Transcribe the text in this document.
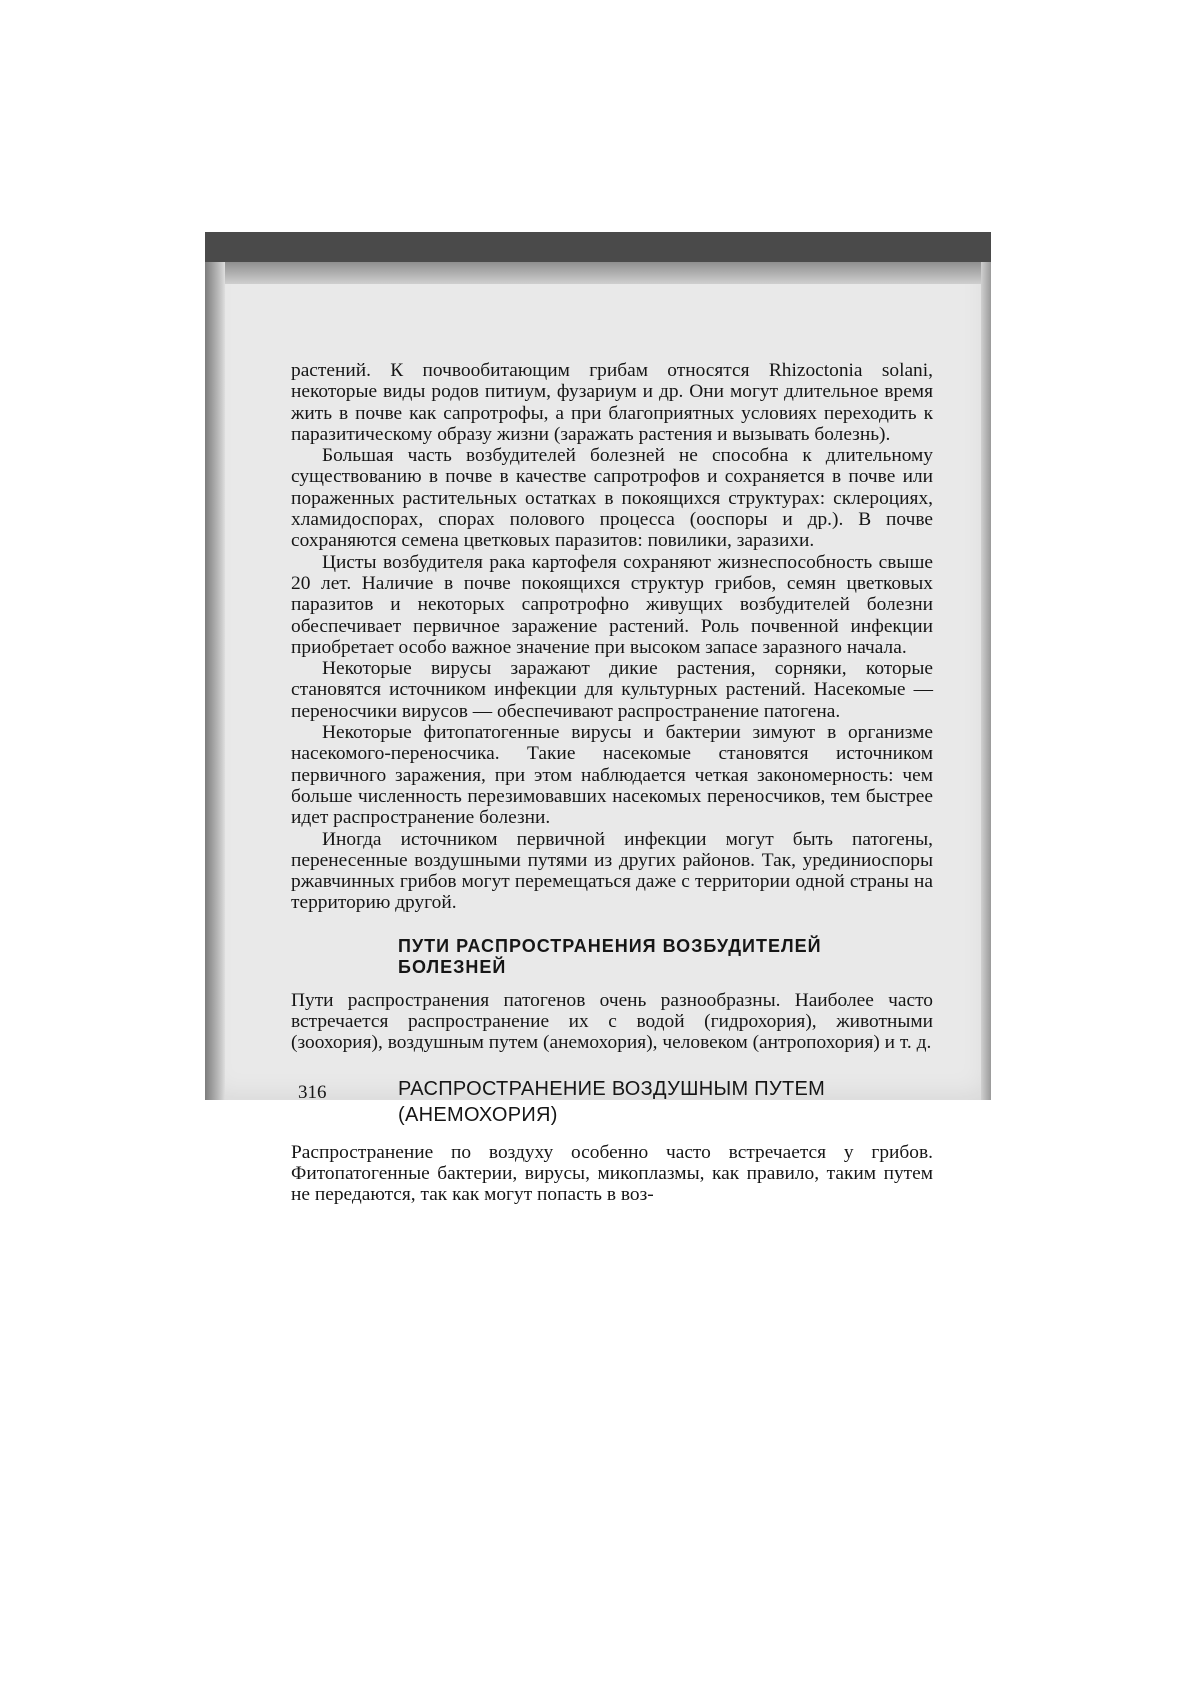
растений. К почвообитающим грибам относятся Rhizoctonia solani, некоторые виды родов питиум, фузариум и др. Они могут длительное время жить в почве как сапротрофы, а при благоприятных условиях переходить к паразитическому образу жизни (заражать растения и вызывать болезнь).

Большая часть возбудителей болезней не способна к длительному существованию в почве в качестве сапротрофов и сохраняется в почве или пораженных растительных остатках в покоящихся структурах: склероциях, хламидоспорах, спорах полового процесса (ооспоры и др.). В почве сохраняются семена цветковых паразитов: повилики, заразихи.

Цисты возбудителя рака картофеля сохраняют жизнеспособность свыше 20 лет. Наличие в почве покоящихся структур грибов, семян цветковых паразитов и некоторых сапротрофно живущих возбудителей болезни обеспечивает первичное заражение растений. Роль почвенной инфекции приобретает особо важное значение при высоком запасе заразного начала.

Некоторые вирусы заражают дикие растения, сорняки, которые становятся источником инфекции для культурных растений. Насекомые — переносчики вирусов — обеспечивают распространение патогена.

Некоторые фитопатогенные вирусы и бактерии зимуют в организме насекомого-переносчика. Такие насекомые становятся источником первичного заражения, при этом наблюдается четкая закономерность: чем больше численность перезимовавших насекомых переносчиков, тем быстрее идет распространение болезни.

Иногда источником первичной инфекции могут быть патогены, перенесенные воздушными путями из других районов. Так, урединиоспоры ржавчинных грибов могут перемещаться даже с территории одной страны на территорию другой.

ПУТИ РАСПРОСТРАНЕНИЯ ВОЗБУДИТЕЛЕЙ
БОЛЕЗНЕЙ

Пути распространения патогенов очень разнообразны. Наиболее часто встречается распространение их с водой (гидрохория), животными (зоохория), воздушным путем (анемохория), человеком (антропохория) и т. д.

РАСПРОСТРАНЕНИЕ ВОЗДУШНЫМ ПУТЕМ
(АНЕМОХОРИЯ)

Распространение по воздуху особенно часто встречается у грибов. Фитопатогенные бактерии, вирусы, микоплазмы, как правило, таким путем не передаются, так как могут попасть в воз-

316
